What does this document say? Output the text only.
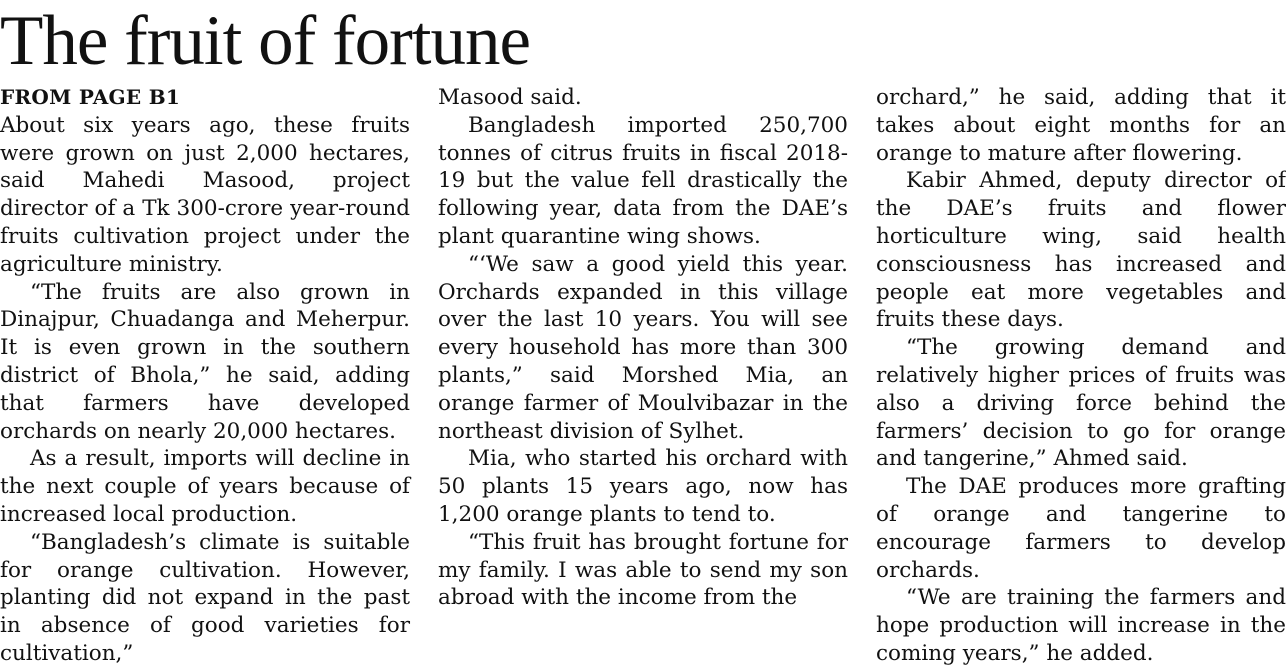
The fruit of fortune
FROM PAGE B1

About six years ago, these fruits were grown on just 2,000 hectares, said Mahedi Masood, project director of a Tk 300-crore year-round fruits cultivation project under the agriculture ministry.

“The fruits are also grown in Dinajpur, Chuadanga and Meherpur. It is even grown in the southern district of Bhola,” he said, adding that farmers have developed orchards on nearly 20,000 hectares.

As a result, imports will decline in the next couple of years because of increased local production.

“Bangladesh’s climate is suitable for orange cultivation. However, planting did not expand in the past in absence of good varieties for cultivation,”

Masood said.

Bangladesh imported 250,700 tonnes of citrus fruits in fiscal 2018-19 but the value fell drastically the following year, data from the DAE’s plant quarantine wing shows.

“‘We saw a good yield this year. Orchards expanded in this village over the last 10 years. You will see every household has more than 300 plants,” said Morshed Mia, an orange farmer of Moulvibazar in the northeast division of Sylhet.

Mia, who started his orchard with 50 plants 15 years ago, now has 1,200 orange plants to tend to.

“This fruit has brought fortune for my family. I was able to send my son abroad with the income from the

orchard,” he said, adding that it takes about eight months for an orange to mature after flowering.

Kabir Ahmed, deputy director of the DAE’s fruits and flower horticulture wing, said health consciousness has increased and people eat more vegetables and fruits these days.

“The growing demand and relatively higher prices of fruits was also a driving force behind the farmers’ decision to go for orange and tangerine,” Ahmed said.

The DAE produces more grafting of orange and tangerine to encourage farmers to develop orchards.

“We are training the farmers and hope production will increase in the coming years,” he added.
